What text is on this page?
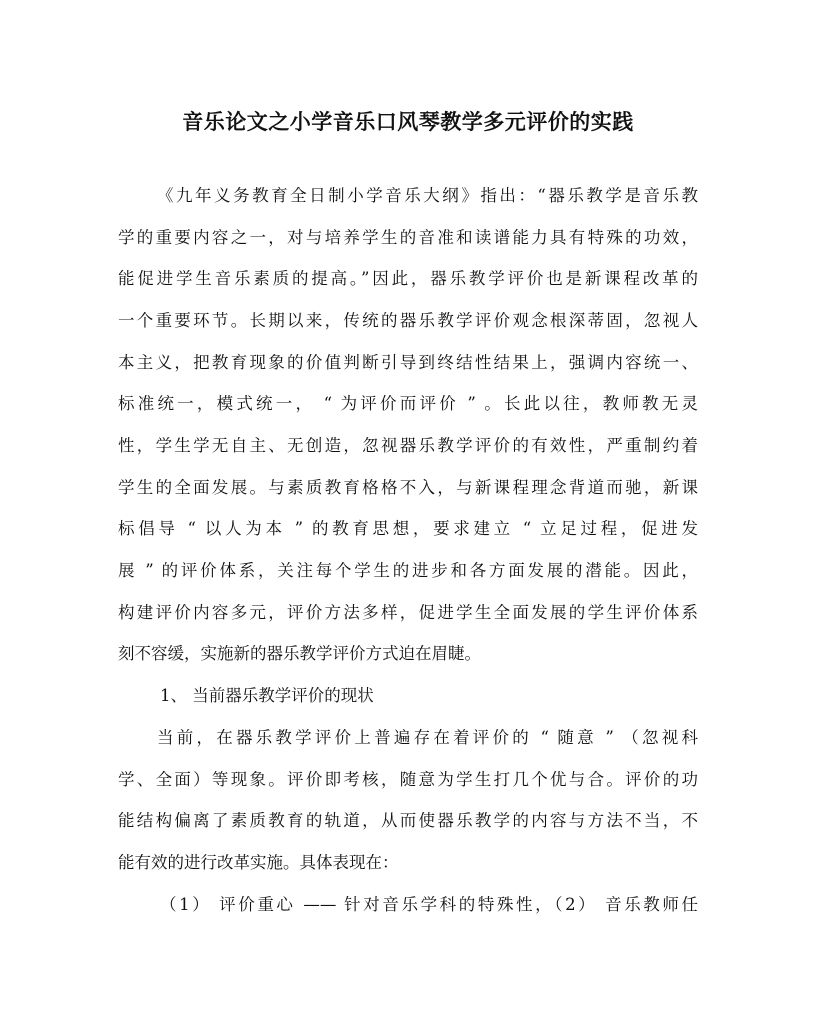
音乐论文之小学音乐口风琴教学多元评价的实践
《九年义务教育全日制小学音乐大纲》指出：“器乐教学是音乐教
学的重要内容之一，对与培养学生的音准和读谱能力具有特殊的功效，
能促进学生音乐素质的提高。”因此，器乐教学评价也是新课程改革的
一个重要环节。长期以来，传统的器乐教学评价观念根深蒂固，忽视人
本主义，把教育现象的价值判断引导到终结性结果上，强调内容统一、
标准统一，模式统一， “ 为评价而评价 ” 。长此以往，教师教无灵
性，学生学无自主、无创造，忽视器乐教学评价的有效性，严重制约着
学生的全面发展。与素质教育格格不入，与新课程理念背道而驰，新课
标倡导 “ 以人为本 ” 的教育思想，要求建立 “ 立足过程，促进发
展 ” 的评价体系，关注每个学生的进步和各方面发展的潜能。因此，
构建评价内容多元，评价方法多样，促进学生全面发展的学生评价体系
刻不容缓，实施新的器乐教学评价方式迫在眉睫。
1、 当前器乐教学评价的现状
当前，在器乐教学评价上普遍存在着评价的 “ 随意 ” （忽视科
学、全面）等现象。评价即考核，随意为学生打几个优与合。评价的功
能结构偏离了素质教育的轨道，从而使器乐教学的内容与方法不当，不
能有效的进行改革实施。具体表现在：
（1） 评价重心 —— 针对音乐学科的特殊性，（2） 音乐教师任
